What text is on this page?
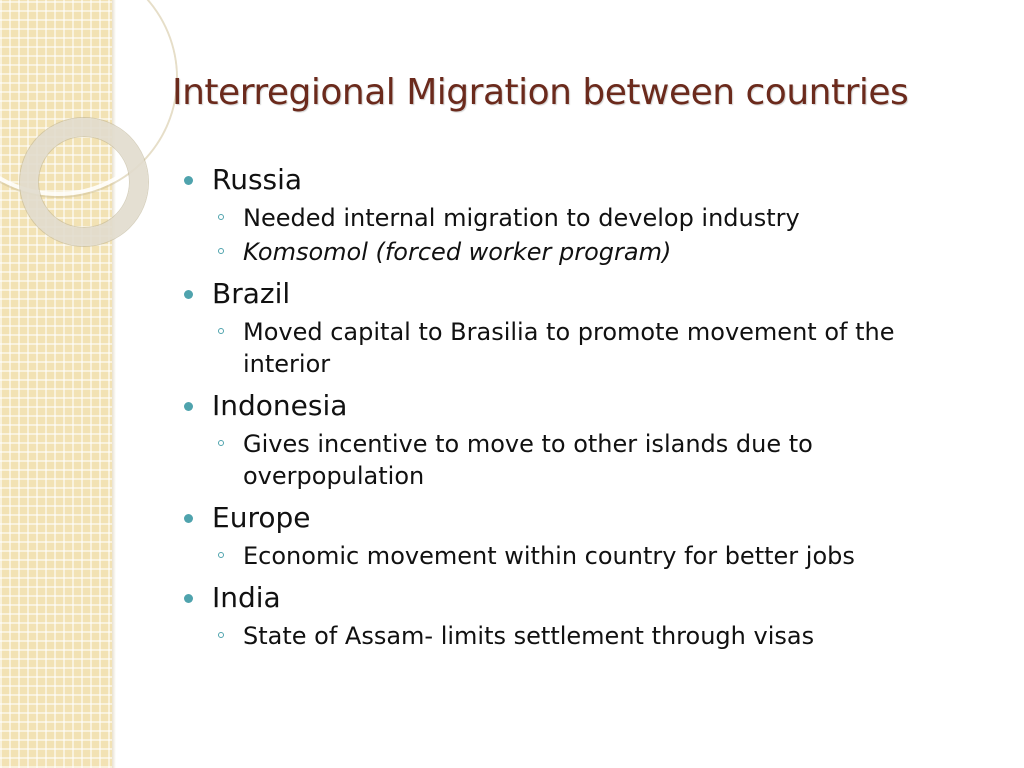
Interregional Migration between countries
Russia
Needed internal migration to develop industry
Komsomol (forced worker program)
Brazil
Moved capital to Brasilia to promote movement of the interior
Indonesia
Gives incentive to move to other islands due to overpopulation
Europe
Economic movement within country for better jobs
India
State of Assam- limits settlement through visas
